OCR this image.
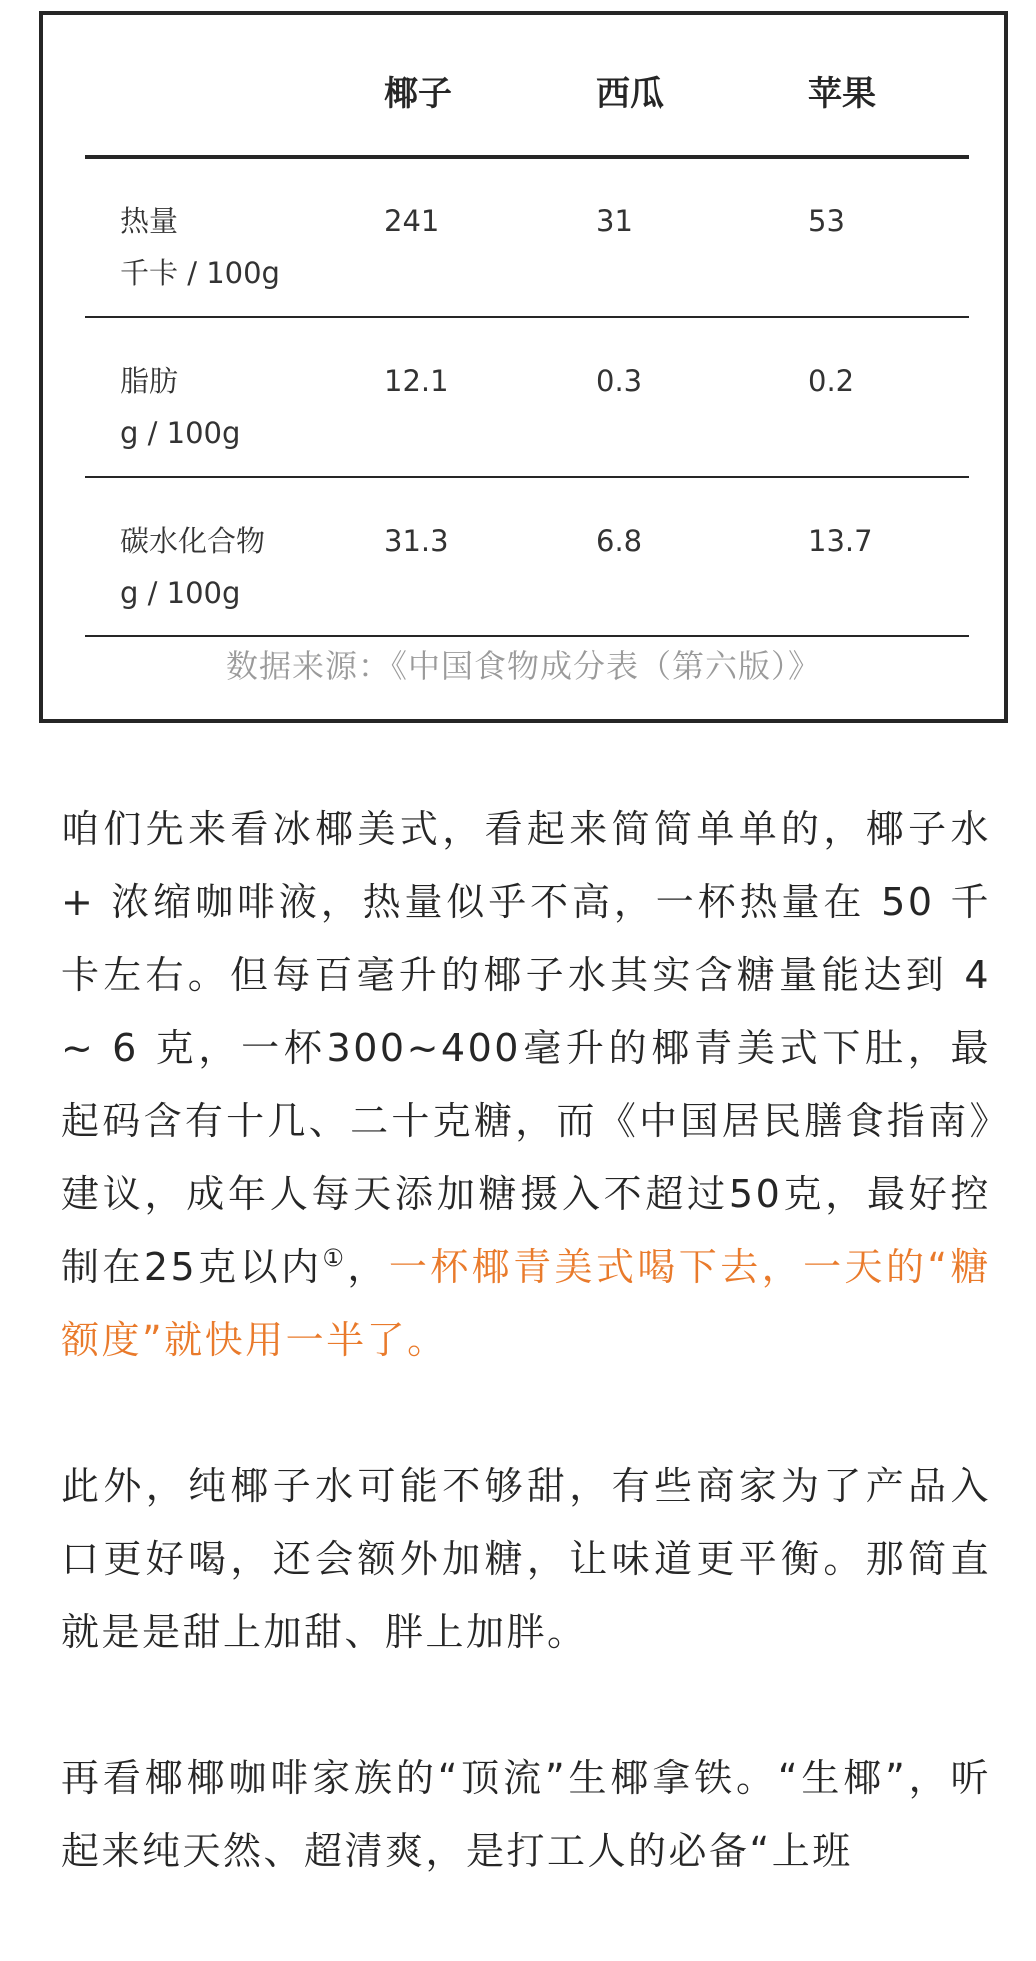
椰子	西瓜	苹果
热量
千卡 / 100g
241	31	53
脂肪
g / 100g
12.1	0.3	0.2
碳水化合物
g / 100g
31.3	6.8	13.7
数据来源：《中国食物成分表（第六版）》

咱们先来看冰椰美式，看起来简简单单的，椰子水 + 浓缩咖啡液，热量似乎不高，一杯热量在 50 千卡左右。但每百毫升的椰子水其实含糖量能达到 4 ~ 6 克，一杯300~400毫升的椰青美式下肚，最起码含有十几、二十克糖，而《中国居民膳食指南》建议，成年人每天添加糖摄入不超过50克，最好控制在25克以内①，一杯椰青美式喝下去，一天的“糖额度”就快用一半了。

此外，纯椰子水可能不够甜，有些商家为了产品入口更好喝，还会额外加糖，让味道更平衡。那简直就是是甜上加甜、胖上加胖。

再看椰椰咖啡家族的“顶流”生椰拿铁。“生椰”，听起来纯天然、超清爽，是打工人的必备“上班
